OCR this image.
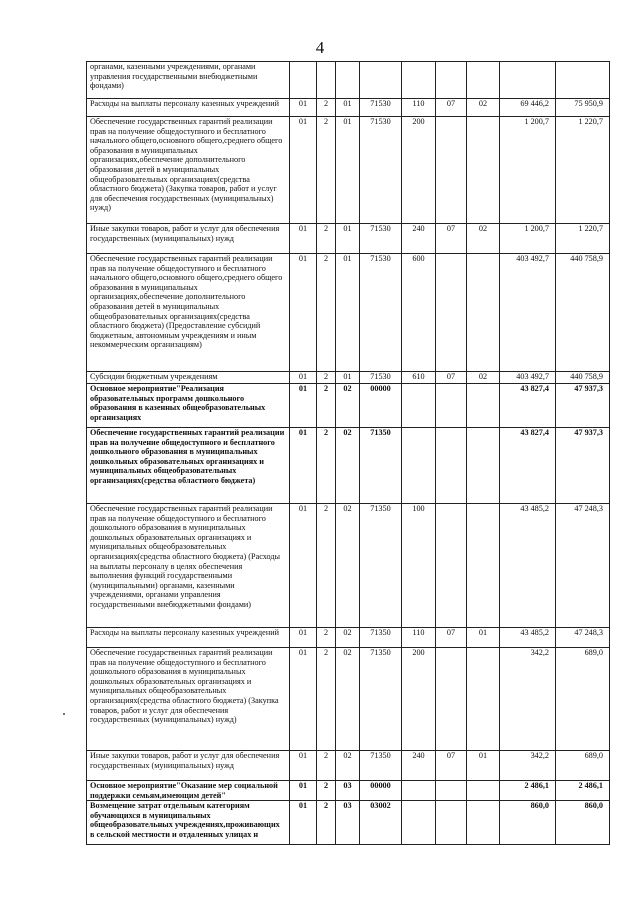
4
органами, казенными учреждениями, органами управления государственными внебюджетными фондами)									
Расходы на выплаты персоналу казенных учреждений	01	2	01	71530	110	07	02	69 446,2	75 950,9
Обеспечение государственных гарантий реализации прав на получение общедоступного и бесплатного начального общего,основного общего,среднего общего образования в муниципальных организациях,обеспечение дополнительного образования детей в муниципальных общеобразовательных организациях(средства областного бюджета) (Закупка товаров, работ и услуг для обеспечения государственных (муниципальных) нужд)	01	2	01	71530	200			1 200,7	1 220,7
Иные закупки товаров, работ и услуг для обеспечения государственных (муниципальных) нужд	01	2	01	71530	240	07	02	1 200,7	1 220,7
Обеспечение государственных гарантий реализации прав на получение общедоступного и бесплатного начального общего,основного общего,среднего общего образования в муниципальных организациях,обеспечение дополнительного образования детей в муниципальных общеобразовательных организациях(средства областного бюджета) (Предоставление субсидий бюджетным, автономным учреждениям и иным некоммерческим организациям)	01	2	01	71530	600			403 492,7	440 758,9
Субсидии бюджетным учреждениям	01	2	01	71530	610	07	02	403 492,7	440 758,9
Основное мероприятие"Реализация образовательных программ дошкольного образования в казенных общеобразовательных организациях	01	2	02	00000				43 827,4	47 937,3
Обеспечение государственных гарантий реализации прав на получение общедоступного и бесплатного дошкольного образования в муниципальных дошкольных образовательных организациях и муниципальных общеобразовательных организациях(средства областного бюджета)	01	2	02	71350				43 827,4	47 937,3
Обеспечение государственных гарантий реализации прав на получение общедоступного и бесплатного дошкольного образования в муниципальных дошкольных образовательных организациях и муниципальных общеобразовательных организациях(средства областного бюджета) (Расходы на выплаты персоналу в целях обеспечения выполнения функций государственными (муниципальными) органами, казенными учреждениями, органами управления государственными внебюджетными фондами)	01	2	02	71350	100			43 485,2	47 248,3
Расходы на выплаты персоналу казенных учреждений	01	2	02	71350	110	07	01	43 485,2	47 248,3
Обеспечение государственных гарантий реализации прав на получение общедоступного и бесплатного дошкольного образования в муниципальных дошкольных образовательных организациях и муниципальных общеобразовательных организациях(средства областного бюджета) (Закупка товаров, работ и услуг для обеспечения государственных (муниципальных) нужд)	01	2	02	71350	200			342,2	689,0
Иные закупки товаров, работ и услуг для обеспечения государственных (муниципальных) нужд	01	2	02	71350	240	07	01	342,2	689,0
Основное мероприятие"Оказание мер социальной поддержки семьям,имеющим детей"	01	2	03	00000				2 486,1	2 486,1
Возмещение затрат отдельным категориям обучающихся в муниципальных общеобразовательных учреждениях,проживающих в сельской местности и отдаленных улицах н	01	2	03	03002				860,0	860,0
